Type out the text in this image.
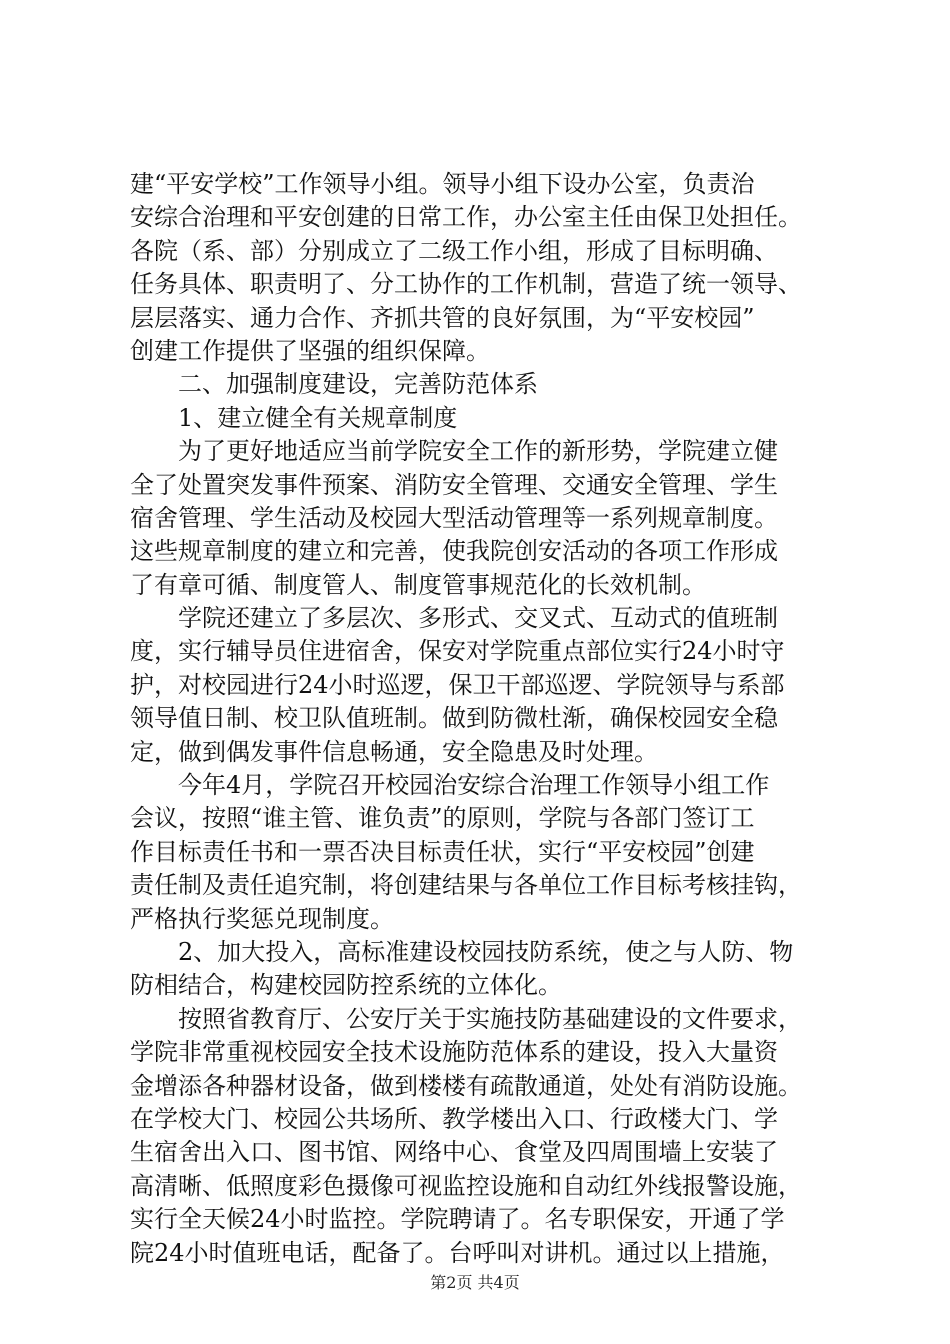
建“平安学校”工作领导小组。领导小组下设办公室，负责治
安综合治理和平安创建的日常工作，办公室主任由保卫处担任。
各院（系、部）分别成立了二级工作小组，形成了目标明确、
任务具体、职责明了、分工协作的工作机制，营造了统一领导、
层层落实、通力合作、齐抓共管的良好氛围，为“平安校园”
创建工作提供了坚强的组织保障。
　　二、加强制度建设，完善防范体系
　　1、建立健全有关规章制度
　　为了更好地适应当前学院安全工作的新形势，学院建立健
全了处置突发事件预案、消防安全管理、交通安全管理、学生
宿舍管理、学生活动及校园大型活动管理等一系列规章制度。
这些规章制度的建立和完善，使我院创安活动的各项工作形成
了有章可循、制度管人、制度管事规范化的长效机制。
　　学院还建立了多层次、多形式、交叉式、互动式的值班制
度，实行辅导员住进宿舍，保安对学院重点部位实行24小时守
护，对校园进行24小时巡逻，保卫干部巡逻、学院领导与系部
领导值日制、校卫队值班制。做到防微杜渐，确保校园安全稳
定，做到偶发事件信息畅通，安全隐患及时处理。
　　今年4月，学院召开校园治安综合治理工作领导小组工作
会议，按照“谁主管、谁负责”的原则，学院与各部门签订工
作目标责任书和一票否决目标责任状，实行“平安校园”创建
责任制及责任追究制，将创建结果与各单位工作目标考核挂钩，
严格执行奖惩兑现制度。
　　2、加大投入，高标准建设校园技防系统，使之与人防、物
防相结合，构建校园防控系统的立体化。
　　按照省教育厅、公安厅关于实施技防基础建设的文件要求，
学院非常重视校园安全技术设施防范体系的建设，投入大量资
金增添各种器材设备，做到楼楼有疏散通道，处处有消防设施。
在学校大门、校园公共场所、教学楼出入口、行政楼大门、学
生宿舍出入口、图书馆、网络中心、食堂及四周围墙上安装了
高清晰、低照度彩色摄像可视监控设施和自动红外线报警设施，
实行全天候24小时监控。学院聘请了。名专职保安，开通了学
院24小时值班电话，配备了。台呼叫对讲机。通过以上措施，
第2页 共4页
